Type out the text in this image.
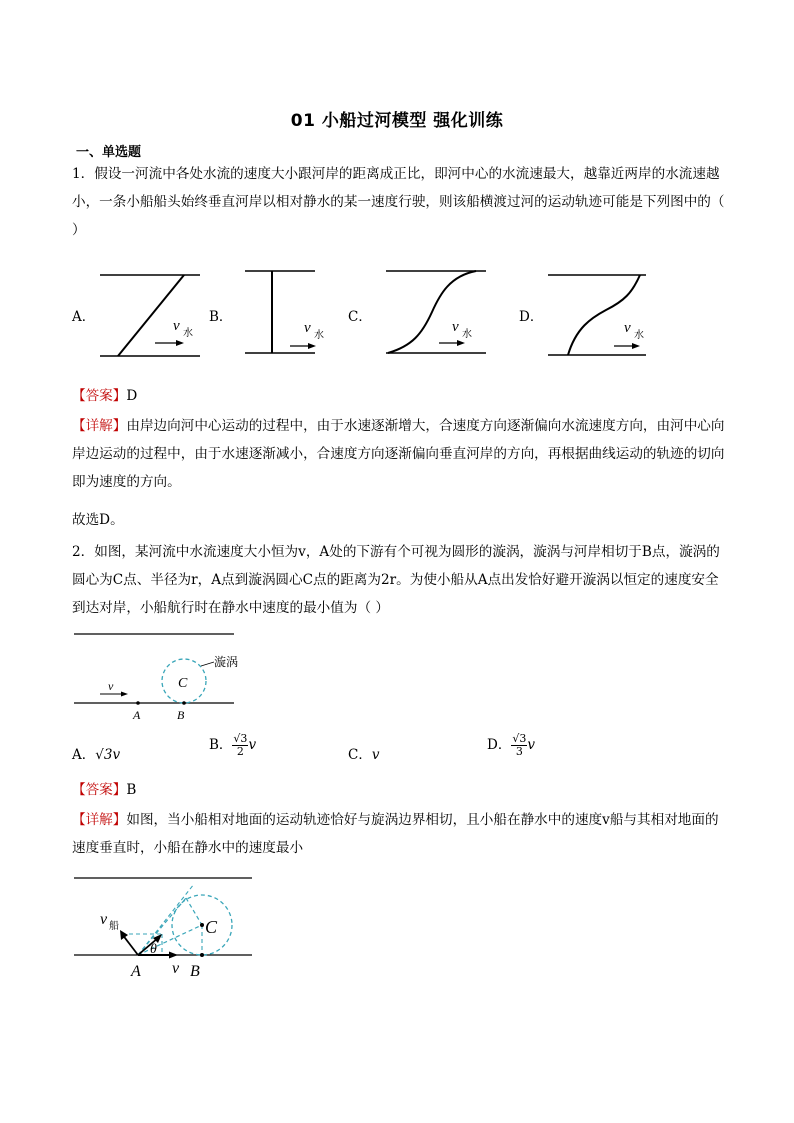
01 小船过河模型 强化训练
一、单选题
1．假设一河流中各处水流的速度大小跟河岸的距离成正比，即河中心的水流速最大，越靠近两岸的水流速越小，一条小船船头始终垂直河岸以相对静水的某一速度行驶，则该船横渡过河的运动轨迹可能是下列图中的（ ）
A．	B．	C．	D．
v 水	v 水
v 水	v 水
【答案】D
【详解】由岸边向河中心运动的过程中，由于水速逐渐增大，合速度方向逐渐偏向水流速度方向，由河中心向岸边运动的过程中，由于水速逐渐减小，合速度方向逐渐偏向垂直河岸的方向，再根据曲线运动的轨迹的切向即为速度的方向。
故选D。
2．如图，某河流中水流速度大小恒为v，A处的下游有个可视为圆形的漩涡，漩涡与河岸相切于B点，漩涡的圆心为C点、半径为r，A点到漩涡圆心C点的距离为2r。为使小船从A点出发恰好避开漩涡以恒定的速度安全到达对岸，小船航行时在静水中速度的最小值为（ ）
v	C
漩涡
A	B
A．√3v
B． $\frac{√3}{2}$ v
C．v
D． $\frac{√3}{3}$ v
【答案】B
【详解】如图，当小船相对地面的运动轨迹恰好与旋涡边界相切，且小船在静水中的速度v船与其相对地面的速度垂直时，小船在静水中的速度最小
v 船
θ
C
A v B
